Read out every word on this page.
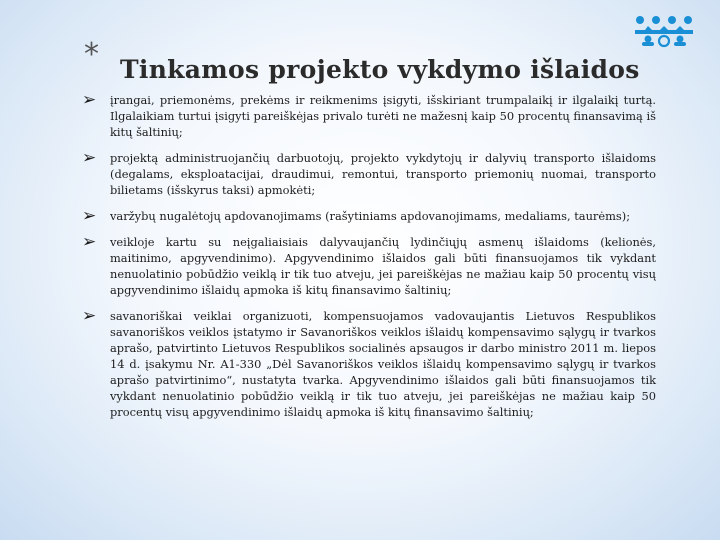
* Tinkamos projekto vykdymo išlaidos
➢ įrangai, priemonėms, prekėms ir reikmenims įsigyti, išskiriant trumpalaikį ir ilgalaikį turtą. Ilgalaikiam turtui įsigyti pareiškėjas privalo turėti ne mažesnį kaip 50 procentų finansavimą iš kitų šaltinių;
➢ projektą administruojančių darbuotojų, projekto vykdytojų ir dalyvių transporto išlaidoms (degalams, eksploatacijai, draudimui, remontui, transporto priemonių nuomai, transporto bilietams (išskyrus taksi) apmokėti;
➢ varžybų nugalėtojų apdovanojimams (rašytiniams apdovanojimams, medaliams, taurėms);
➢ veikloje kartu su neįgaliaisiais dalyvaujančių lydinčiųjų asmenų išlaidoms (kelionės, maitinimo, apgyvendinimo). Apgyvendinimo išlaidos gali būti finansuojamos tik vykdant nenuolatinio pobūdžio veiklą ir tik tuo atveju, jei pareiškėjas ne mažiau kaip 50 procentų visų apgyvendinimo išlaidų apmoka iš kitų finansavimo šaltinių;
➢ savanoriškai veiklai organizuoti, kompensuojamos vadovaujantis Lietuvos Respublikos savanoriškos veiklos įstatymo ir Savanoriškos veiklos išlaidų kompensavimo sąlygų ir tvarkos aprašo, patvirtinto Lietuvos Respublikos socialinės apsaugos ir darbo ministro 2011 m. liepos 14 d. įsakymu Nr. A1-330 „Dėl Savanoriškos veiklos išlaidų kompensavimo sąlygų ir tvarkos aprašo patvirtinimo“, nustatyta tvarka. Apgyvendinimo išlaidos gali būti finansuojamos tik vykdant nenuolatinio pobūdžio veiklą ir tik tuo atveju, jei pareiškėjas ne mažiau kaip 50 procentų visų apgyvendinimo išlaidų apmoka iš kitų finansavimo šaltinių;
